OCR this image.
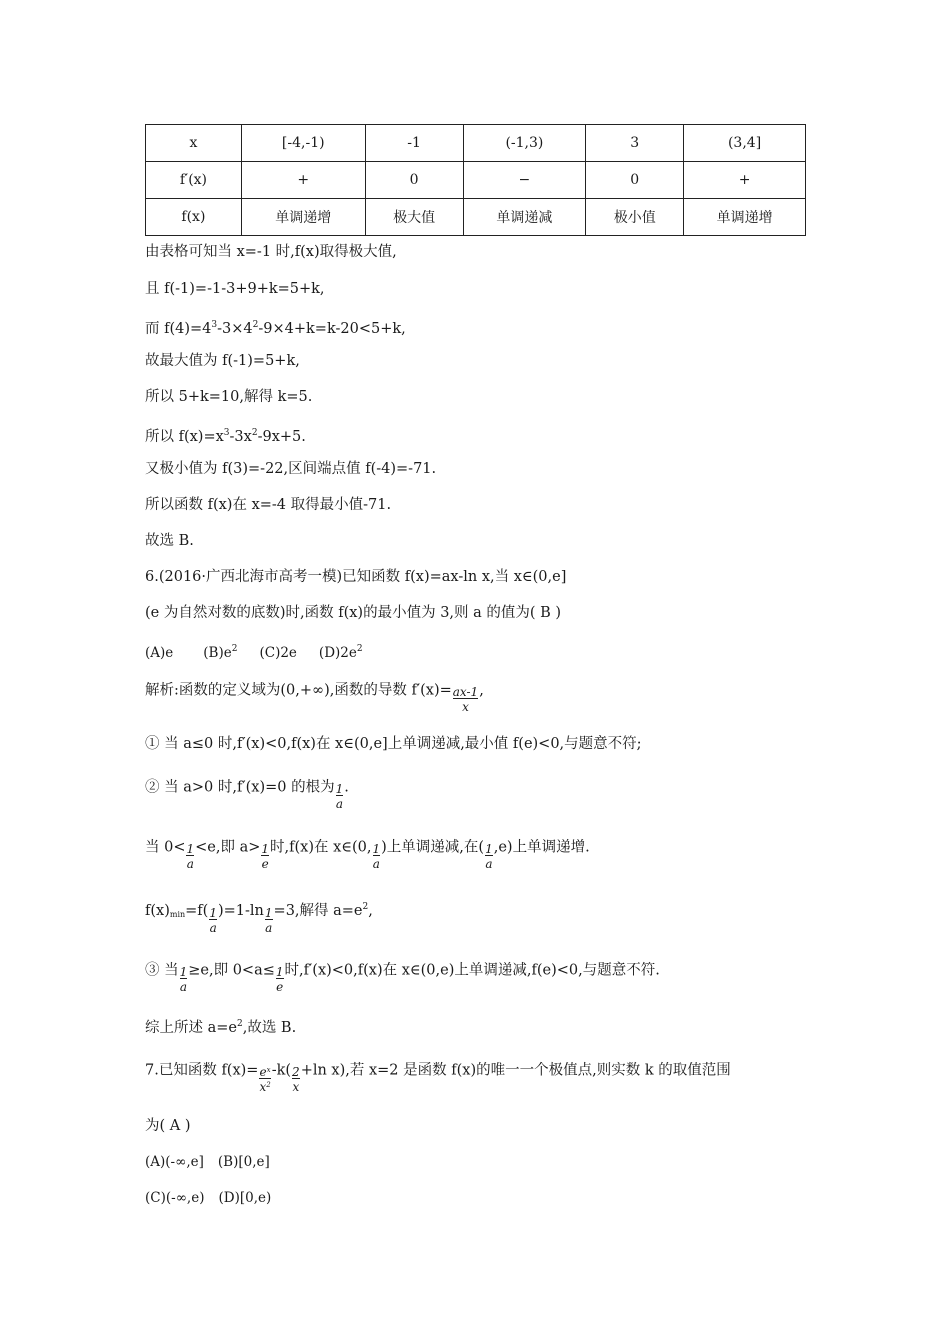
x	[-4,-1)	-1	(-1,3)	3	(3,4]
f′(x)	+	0	−	0	+
f(x)	单调递增	极大值	单调递减	极小值	单调递增
由表格可知当 x=-1 时,f(x)取得极大值,
且 f(-1)=-1-3+9+k=5+k,
而 $f(4)=4^3-3\times 4^2-9\times 4+k=k-20<5+k$,
故最大值为 f(-1)=5+k,
所以 5+k=10,解得 k=5.
所以 $f(x)=x^3-3x^2-9x+5$.
又极小值为 f(3)=-22,区间端点值 f(-4)=-71.
所以函数 f(x)在 x=-4 取得最小值-71.
故选 B.
6.(2016·广西北海市高考一模)已知函数 f(x)=ax-ln x,当 x∈(0,e]
(e 为自然对数的底数)时,函数 f(x)的最小值为 3,则 a 的值为( B )
(A)e $(B)e^2$ (C)2e $(D)2e^2$
解析:函数的定义域为(0,+∞),函数的导数 $f'(x)= \frac{ax-1}{x}$ ,
① 当 a≤0 时,f′(x)<0,f(x)在 x∈(0,e]上单调递减,最小值 f(e)<0,与题意不符;
② 当 a>0 时,f′(x)=0 的根为 $\frac{1}{a}$ .
当 $0< \frac{1}{a} <e$,即 $a> \frac{1}{e}$ 时,f(x)在 x∈(0, $\frac{1}{a}$ )上单调递减,在( $\frac{1}{a} ,e$)上单调递增.
$f(x)_{min}=f( \frac{1}{a} )=1-\ln \frac{1}{a} =3$,解得 $a=e^2$,
③ 当 $\frac{1}{a} \ge e$,即 $0<a\le \frac{1}{e}$ 时,f′(x)<0,f(x)在 x∈(0,e)上单调递减,f(e)<0,与题意不符.
综上所述 $a=e^2$,故选 B.
7.已知函数 $f(x)= \frac{e^x}{x^2} -k( \frac{2}{x} +\ln$ x),若 x=2 是函数 f(x)的唯一一个极值点,则实数 k 的取值范围
为( A )
(A)(-∞,e] (B)[0,e]
(C)(-∞,e) (D)[0,e)
